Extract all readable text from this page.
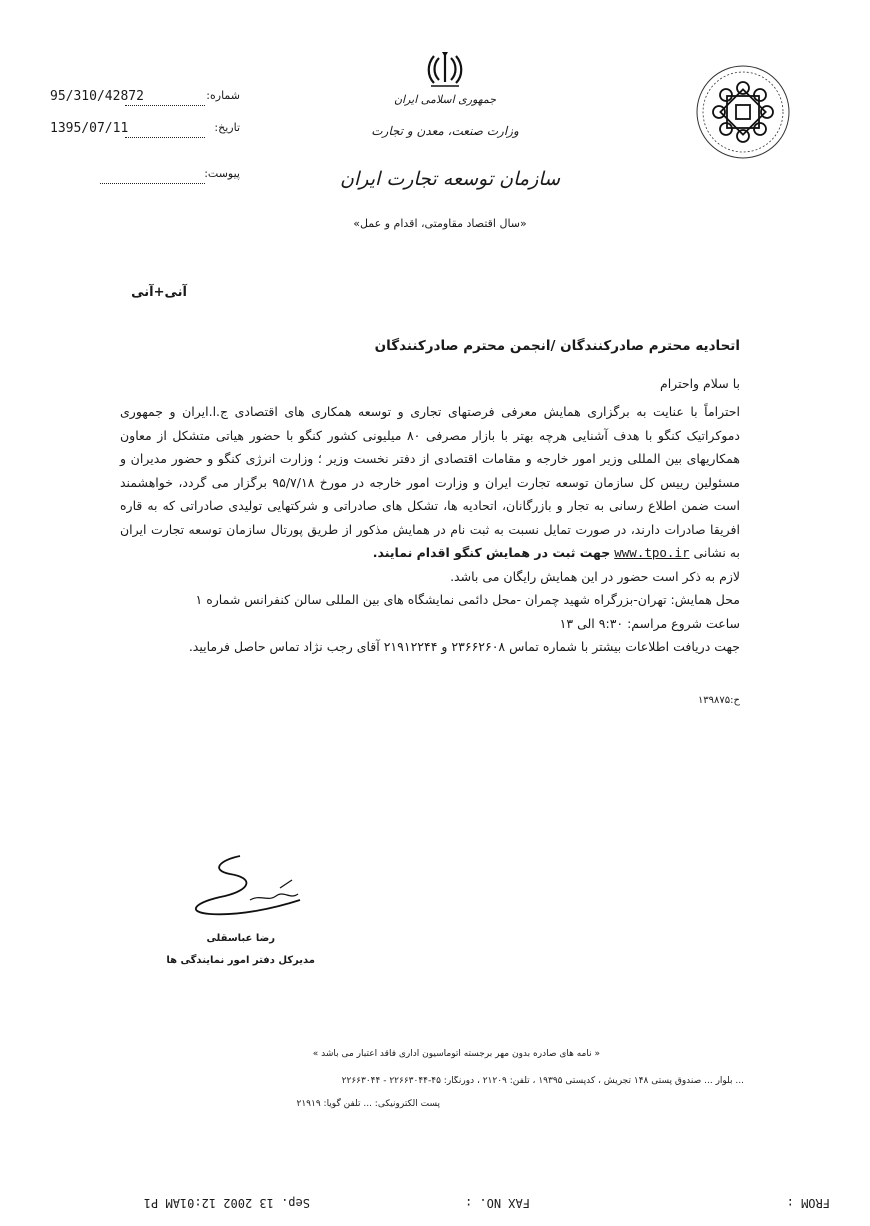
95/310/42872	شماره:
1395/07/11	تاریخ:
پیوست:
جمهوری اسلامی ایران
وزارت صنعت، معدن و تجارت
سازمان توسعه تجارت ایران
«سال اقتصاد مقاومتی، اقدام و عمل»
آنی+آنی
اتحادیه محترم صادرکنندگان /انجمن محترم صادرکنندگان
با سلام واحترام

احتراماً با عنایت به برگزاری همایش معرفی فرصتهای تجاری و توسعه همکاری های اقتصادی ج.ا.ایران و جمهوری دموکراتیک کنگو با هدف آشنایی هرچه بهتر با بازار مصرفی ۸۰ میلیونی کشور کنگو با حضور هیاتی متشکل از معاون همکاریهای بین المللی وزیر امور خارجه و مقامات اقتصادی از دفتر نخست وزیر ؛ وزارت انرژی کنگو و حضور مدیران و مسئولین رییس کل سازمان توسعه تجارت ایران و وزارت امور خارجه در مورخ ۹۵/۷/۱۸ برگزار می گردد، خواهشمند است ضمن اطلاع رسانی به تجار و بازرگانان، اتحادیه ها، تشکل های صادراتی و شرکتهایی تولیدی صادراتی که به قاره افریقا صادرات دارند، در صورت تمایل نسبت به ثبت نام در همایش مذکور از طریق پورتال سازمان توسعه تجارت ایران به نشانی www.tpo.ir جهت ثبت در همایش کنگو اقدام نمایند.

لازم به ذکر است حضور در این همایش رایگان می باشد.

محل همایش: تهران-بزرگراه شهید چمران -محل دائمی نمایشگاه های بین المللی سالن کنفرانس شماره ۱

ساعت شروع مراسم: ۹:۳۰ الی ۱۳

جهت دریافت اطلاعات بیشتر با شماره تماس ۲۳۶۶۲۶۰۸ و ۲۱۹۱۲۲۴۴ آقای رجب نژاد تماس حاصل فرمایید.

ح:۱۳۹۸۷۵
رضا عباسقلی
مدیرکل دفتر امور نمایندگی ها
« نامه های صادره بدون مهر برجسته اتوماسیون اداری فاقد اعتبار می باشد »
... بلوار ... صندوق پستی ۱۴۸ تجریش ، کدپستی ۱۹۳۹۵ ، تلفن: ۲۱۲۰۹ ، دورنگار: ۴۵-۲۲۶۶۳۰۴۴ - ۲۲۶۶۳۰۴۴
پست الکترونیکی: ... تلفن گویا: ۲۱۹۱۹
FROM :
FAX NO. :
Sep. 13 2002 12:01AM P1
